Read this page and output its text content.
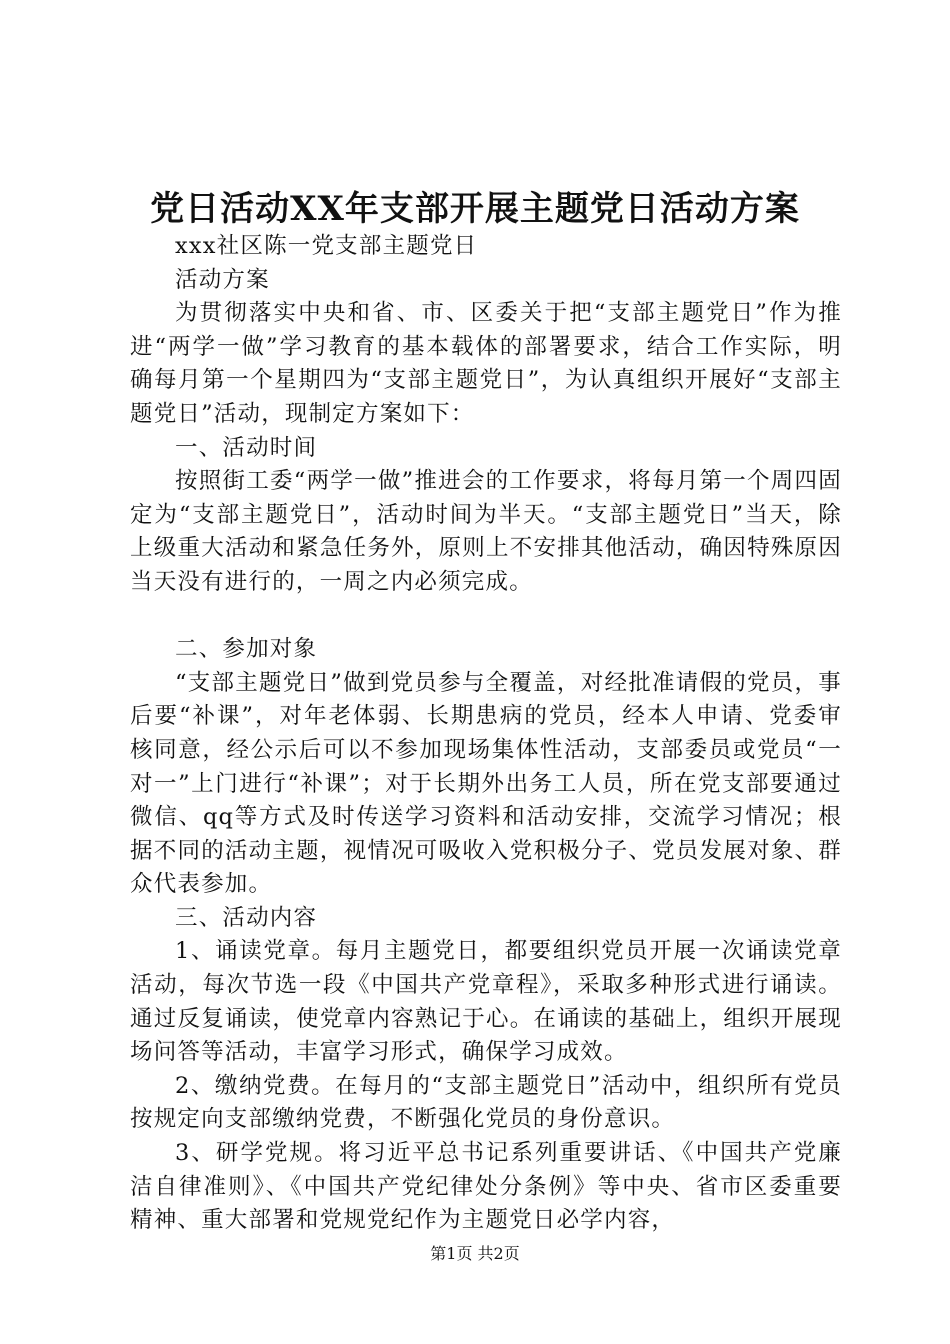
党日活动XX年支部开展主题党日活动方案

xxx社区陈一党支部主题党日

活动方案

为贯彻落实中央和省、市、区委关于把“支部主题党日”作为推进“两学一做”学习教育的基本载体的部署要求，结合工作实际，明确每月第一个星期四为“支部主题党日”，为认真组织开展好“支部主题党日”活动，现制定方案如下：

一、活动时间

按照街工委“两学一做”推进会的工作要求，将每月第一个周四固定为“支部主题党日”，活动时间为半天。“支部主题党日”当天，除上级重大活动和紧急任务外，原则上不安排其他活动，确因特殊原因当天没有进行的，一周之内必须完成。

二、参加对象

“支部主题党日”做到党员参与全覆盖，对经批准请假的党员，事后要“补课”，对年老体弱、长期患病的党员，经本人申请、党委审核同意，经公示后可以不参加现场集体性活动，支部委员或党员“一对一”上门进行“补课”；对于长期外出务工人员，所在党支部要通过微信、qq等方式及时传送学习资料和活动安排，交流学习情况；根据不同的活动主题，视情况可吸收入党积极分子、党员发展对象、群众代表参加。

三、活动内容

1、诵读党章。每月主题党日，都要组织党员开展一次诵读党章活动，每次节选一段《中国共产党章程》，采取多种形式进行诵读。通过反复诵读，使党章内容熟记于心。在诵读的基础上，组织开展现场问答等活动，丰富学习形式，确保学习成效。

2、缴纳党费。在每月的“支部主题党日”活动中，组织所有党员按规定向支部缴纳党费，不断强化党员的身份意识。

3、研学党规。将习近平总书记系列重要讲话、《中国共产党廉洁自律准则》、《中国共产党纪律处分条例》等中央、省市区委重要精神、重大部署和党规党纪作为主题党日必学内容，

第1页 共2页
